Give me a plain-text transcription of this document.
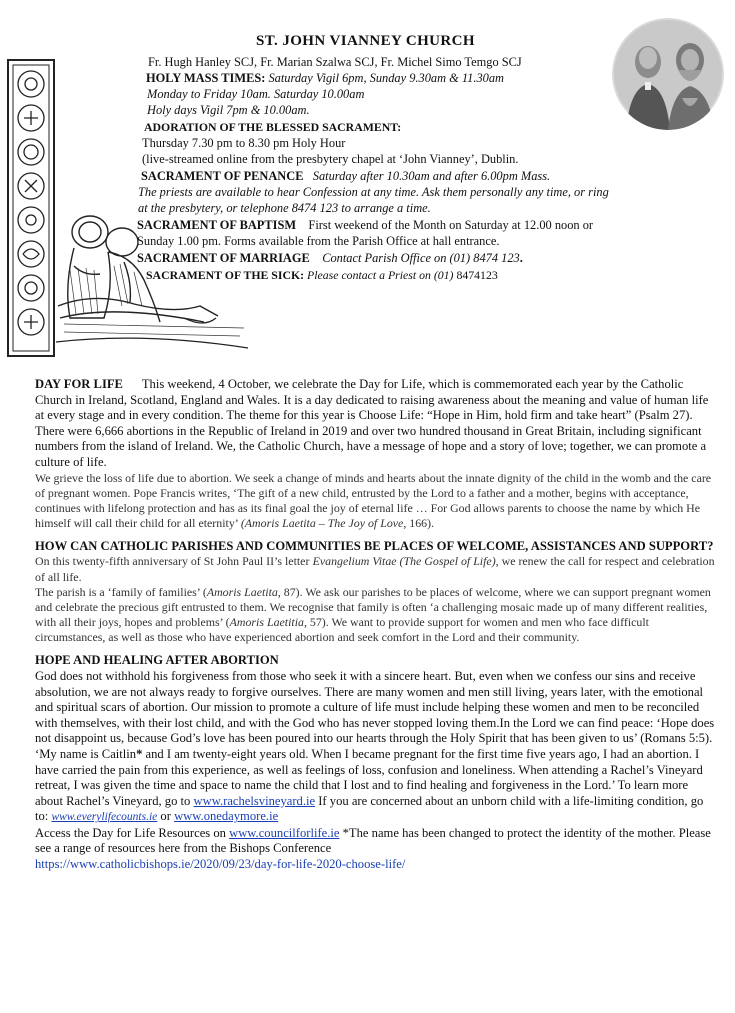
ST. JOHN VIANNEY CHURCH
Fr. Hugh Hanley SCJ, Fr. Marian Szalwa SCJ, Fr. Michel Simo Temgo SCJ
HOLY MASS TIMES: Saturday Vigil 6pm, Sunday 9.30am & 11.30am
Monday to Friday 10am. Saturday 10.00am
Holy days Vigil 7pm & 10.00am.
ADORATION OF THE BLESSED SACRAMENT:
Thursday 7.30 pm to 8.30 pm Holy Hour
(live-streamed online from the presbytery chapel at ‘John Vianney’, Dublin.
SACRAMENT OF PENANCE Saturday after 10.30am and after 6.00pm Mass.
The priests are available to hear Confession at any time. Ask them personally any time, or ring
at the presbytery, or telephone 8474 123 to arrange a time.
SACRAMENT OF BAPTISM First weekend of the Month on Saturday at 12.00 noon or
Sunday 1.00 pm. Forms available from the Parish Office at hall entrance.
SACRAMENT OF MARRIAGE Contact Parish Office on (01) 8474 123.
SACRAMENT OF THE SICK: Please contact a Priest on (01) 8474123

DAY FOR LIFE This weekend, 4 October, we celebrate the Day for Life, which is commemorated each year by the Catholic Church in Ireland, Scotland, England and Wales. It is a day dedicated to raising awareness about the meaning and value of human life at every stage and in every condition. The theme for this year is Choose Life: “Hope in Him, hold firm and take heart” (Psalm 27).

There were 6,666 abortions in the Republic of Ireland in 2019 and over two hundred thousand in Great Britain, including significant numbers from the island of Ireland. We, the Catholic Church, have a message of hope and a story of love; together, we can promote a culture of life.

We grieve the loss of life due to abortion. We seek a change of minds and hearts about the innate dignity of the child in the womb and the care of pregnant women. Pope Francis writes, ‘The gift of a new child, entrusted by the Lord to a father and a mother, begins with acceptance, continues with lifelong protection and has as its final goal the joy of eternal life … For God allows parents to choose the name by which He himself will call their child for all eternity’ (Amoris Laetita – The Joy of Love, 166).

HOW CAN CATHOLIC PARISHES AND COMMUNITIES BE PLACES OF WELCOME, ASSISTANCES AND SUPPORT? On this twenty-fifth anniversary of St John Paul II’s letter Evangelium Vitae (The Gospel of Life), we renew the call for respect and celebration of all life.

The parish is a ‘family of families’ (Amoris Laetita, 87). We ask our parishes to be places of welcome, where we can support pregnant women and celebrate the precious gift entrusted to them. We recognise that family is often ‘a challenging mosaic made up of many different realities, with all their joys, hopes and problems’ (Amoris Laetitia, 57). We want to provide support for women and men who face difficult circumstances, as well as those who have experienced abortion and seek comfort in the Lord and their community.

HOPE AND HEALING AFTER ABORTION

God does not withhold his forgiveness from those who seek it with a sincere heart. But, even when we confess our sins and receive absolution, we are not always ready to forgive ourselves. There are many women and men still living, years later, with the emotional and spiritual scars of abortion. Our mission to promote a culture of life must include helping these women and men to be reconciled with themselves, with their lost child, and with the God who has never stopped loving them.In the Lord we can find peace: ‘Hope does not disappoint us, because God’s love has been poured into our hearts through the Holy Spirit that has been given to us’ (Romans 5:5). ‘My name is Caitlin* and I am twenty-eight years old. When I became pregnant for the first time five years ago, I had an abortion. I have carried the pain from this experience, as well as feelings of loss, confusion and loneliness. When attending a Rachel’s Vineyard retreat, I was given the time and space to name the child that I lost and to find healing and forgiveness in the Lord.’ To learn more about Rachel’s Vineyard, go to www.rachelsvineyard.ie If you are concerned about an unborn child with a life-limiting condition, go to: www.everylifecounts.ie or www.onedaymore.ie
Access the Day for Life Resources on www.councilforlife.ie *The name has been changed to protect the identity of the mother. Please see a range of resources here from the Bishops Conference
https://www.catholicbishops.ie/2020/09/23/day-for-life-2020-choose-life/
